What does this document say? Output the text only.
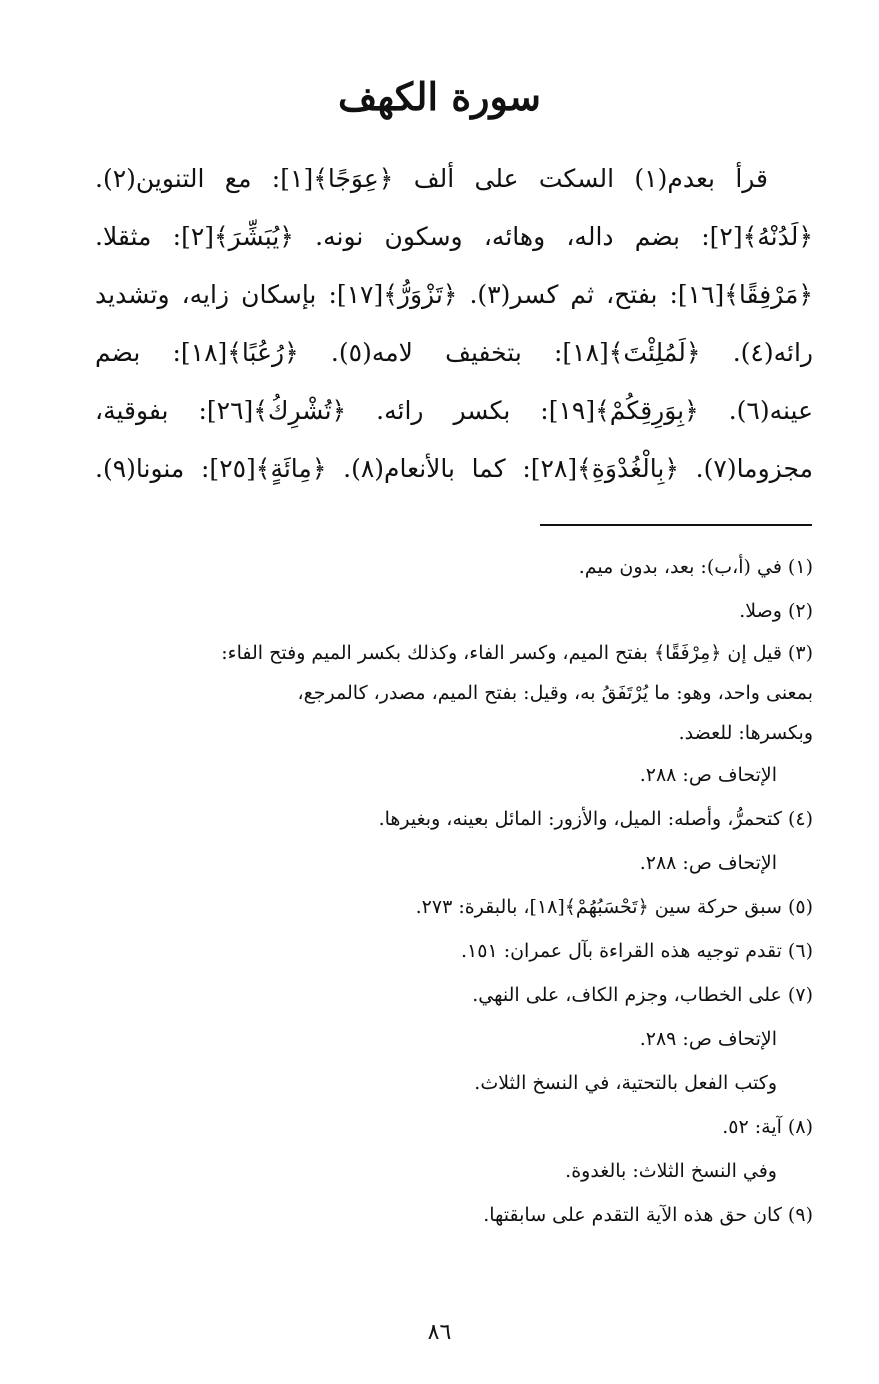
سورة الكهف
قرأ بعدم(١) السكت على ألف ﴿عِوَجًا﴾[١]: مع التنوين(٢).
﴿لَدُنْهُ﴾[٢]: بضم داله، وهائه، وسكون نونه. ﴿يُبَشِّرَ﴾[٢]: مثقلا.
﴿مَرْفِقًا﴾[١٦]: بفتح، ثم كسر(٣). ﴿تَزْوَرُّ﴾[١٧]: بإسكان زايه، وتشديد
رائه(٤). ﴿لَمُلِئْتَ﴾[١٨]: بتخفيف لامه(٥). ﴿رُعُبًا﴾[١٨]: بضم
عينه(٦). ﴿بِوَرِقِكُمْ﴾[١٩]: بكسر رائه. ﴿تُشْرِكُ﴾[٢٦]: بفوقية،
مجزوما(٧). ﴿بِالْغُدْوَةِ﴾[٢٨]: كما بالأنعام(٨). ﴿مِائَةٍ﴾[٢٥]: منونا(٩).
(١) في (أ،ب): بعد، بدون ميم.
(٢) وصلا.
(٣) قيل إن ﴿مِرْفَقًا﴾ بفتح الميم، وكسر الفاء، وكذلك بكسر الميم وفتح الفاء:
بمعنى واحد، وهو: ما يُرْتَفَقُ به، وقيل: بفتح الميم، مصدر، كالمرجع،
وبكسرها: للعضد.
الإتحاف ص: ٢٨٨.
(٤) كتحمرُّ، وأصله: الميل، والأزور: المائل بعينه، وبغيرها.
الإتحاف ص: ٢٨٨.
(٥) سبق حركة سين ﴿تَحْسَبُهُمْ﴾[١٨]، بالبقرة: ٢٧٣.
(٦) تقدم توجيه هذه القراءة بآل عمران: ١٥١.
(٧) على الخطاب، وجزم الكاف، على النهي.
الإتحاف ص: ٢٨٩.
وكتب الفعل بالتحتية، في النسخ الثلاث.
(٨) آية: ٥٢.
وفي النسخ الثلاث: بالغدوة.
(٩) كان حق هذه الآية التقدم على سابقتها.
٨٦
